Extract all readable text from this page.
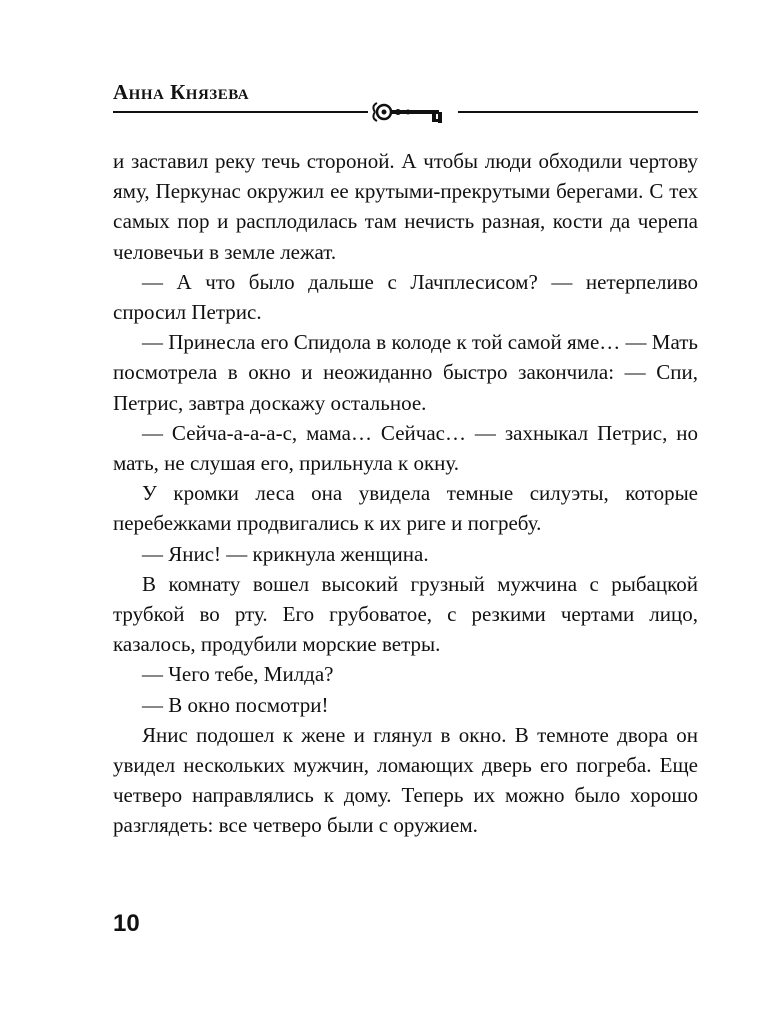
Анна Князева

и заставил реку течь стороной. А чтобы люди обходили чертову яму, Перкунас окружил ее крутыми-прекрутыми берегами. С тех самых пор и расплодилась там нечисть разная, кости да черепа человечьи в земле лежат.

— А что было дальше с Лачплесисом? — нетерпеливо спросил Петрис.

— Принесла его Спидола в колоде к той самой яме… — Мать посмотрела в окно и неожиданно быстро закончила: — Спи, Петрис, завтра доскажу остальное.

— Сейча-а-а-а-с, мама… Сейчас… — захныкал Петрис, но мать, не слушая его, прильнула к окну.

У кромки леса она увидела темные силуэты, которые перебежками продвигались к их риге и погребу.

— Янис! — крикнула женщина.

В комнату вошел высокий грузный мужчина с рыбацкой трубкой во рту. Его грубоватое, с резкими чертами лицо, казалось, продубили морские ветры.

— Чего тебе, Милда?

— В окно посмотри!

Янис подошел к жене и глянул в окно. В темноте двора он увидел нескольких мужчин, ломающих дверь его погреба. Еще четверо направлялись к дому. Теперь их можно было хорошо разглядеть: все четверо были с оружием.

10
